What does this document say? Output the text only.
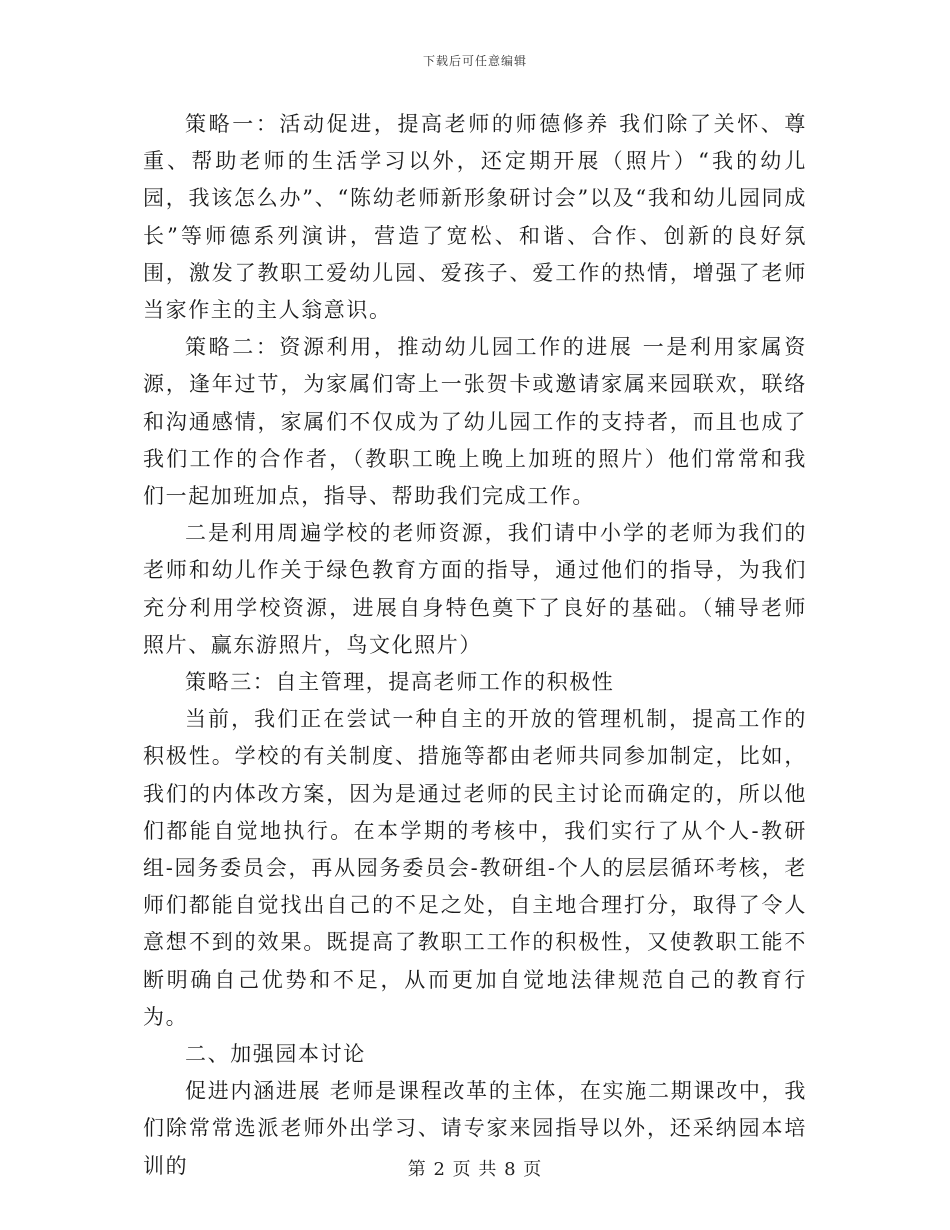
下载后可任意编辑

策略一：活动促进，提高老师的师德修养 我们除了关怀、尊重、帮助老师的生活学习以外，还定期开展（照片）“我的幼儿园，我该怎么办”、“陈幼老师新形象研讨会”以及“我和幼儿园同成长”等师德系列演讲，营造了宽松、和谐、合作、创新的良好氛围，激发了教职工爱幼儿园、爱孩子、爱工作的热情，增强了老师当家作主的主人翁意识。

策略二：资源利用，推动幼儿园工作的进展 一是利用家属资源，逢年过节，为家属们寄上一张贺卡或邀请家属来园联欢，联络和沟通感情，家属们不仅成为了幼儿园工作的支持者，而且也成了我们工作的合作者，（教职工晚上晚上加班的照片）他们常常和我们一起加班加点，指导、帮助我们完成工作。

二是利用周遍学校的老师资源，我们请中小学的老师为我们的老师和幼儿作关于绿色教育方面的指导，通过他们的指导，为我们充分利用学校资源，进展自身特色奠下了良好的基础。（辅导老师照片、赢东游照片，鸟文化照片）

策略三：自主管理，提高老师工作的积极性

当前，我们正在尝试一种自主的开放的管理机制，提高工作的积极性。学校的有关制度、措施等都由老师共同参加制定，比如，我们的内体改方案，因为是通过老师的民主讨论而确定的，所以他们都能自觉地执行。在本学期的考核中，我们实行了从个人-教研组-园务委员会，再从园务委员会-教研组-个人的层层循环考核，老师们都能自觉找出自己的不足之处，自主地合理打分，取得了令人意想不到的效果。既提高了教职工工作的积极性，又使教职工能不断明确自己优势和不足，从而更加自觉地法律规范自己的教育行为。

二、加强园本讨论

促进内涵进展 老师是课程改革的主体，在实施二期课改中，我们除常常选派老师外出学习、请专家来园指导以外，还采纳园本培训的	第 2 页 共 8 页
